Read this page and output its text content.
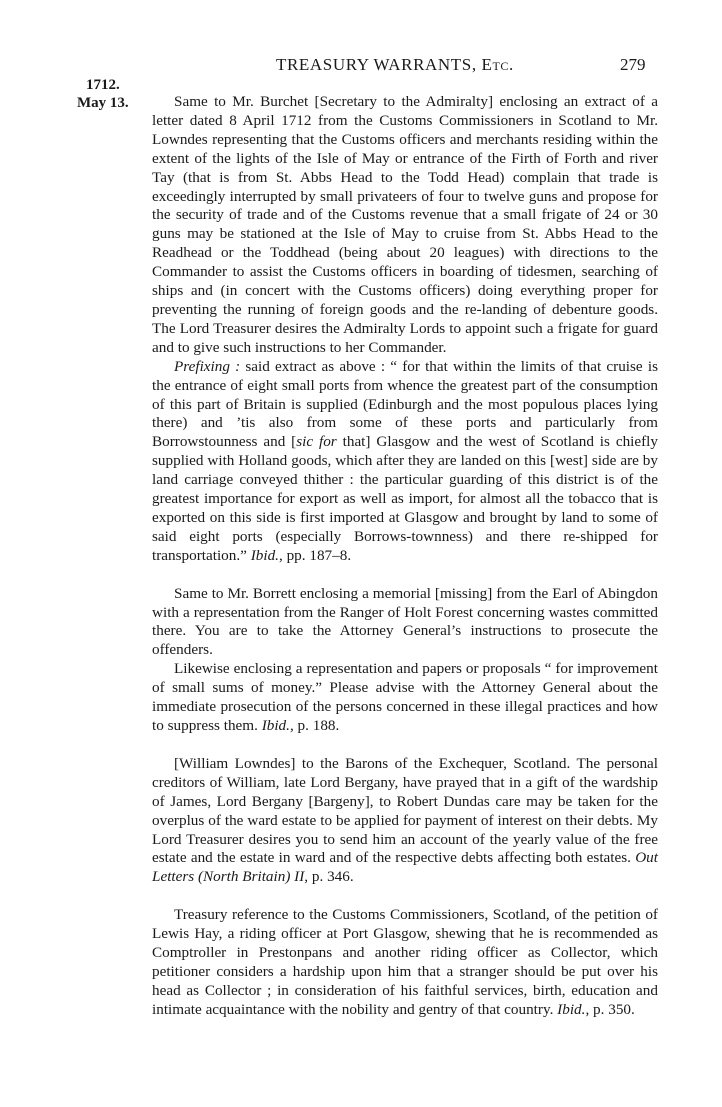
TREASURY WARRANTS, Etc.	279
1712.
May 13.	Same to Mr. Burchet [Secretary to the Admiralty] enclosing an extract of a letter dated 8 April 1712 from the Customs Commissioners in Scotland to Mr. Lowndes representing that the Customs officers and merchants residing within the extent of the lights of the Isle of May or entrance of the Firth of Forth and river Tay (that is from St. Abbs Head to the Todd Head) complain that trade is exceedingly interrupted by small privateers of four to twelve guns and propose for the security of trade and of the Customs revenue that a small frigate of 24 or 30 guns may be stationed at the Isle of May to cruise from St. Abbs Head to the Readhead or the Toddhead (being about 20 leagues) with directions to the Commander to assist the Customs officers in boarding of tidesmen, searching of ships and (in concert with the Customs officers) doing everything proper for preventing the running of foreign goods and the re-landing of debenture goods. The Lord Treasurer desires the Admiralty Lords to appoint such a frigate for guard and to give such instructions to her Commander.

Prefixing : said extract as above : “ for that within the limits of that cruise is the entrance of eight small ports from whence the greatest part of the consumption of this part of Britain is supplied (Edinburgh and the most populous places lying there) and ’tis also from some of these ports and particularly from Borrowstounness and [sic for that] Glasgow and the west of Scotland is chiefly supplied with Holland goods, which after they are landed on this [west] side are by land carriage conveyed thither : the particular guarding of this district is of the greatest importance for export as well as import, for almost all the tobacco that is exported on this side is first imported at Glasgow and brought by land to some of said eight ports (especially Borrows-townness) and there re-shipped for transportation.” Ibid., pp. 187–8.

Same to Mr. Borrett enclosing a memorial [missing] from the Earl of Abingdon with a representation from the Ranger of Holt Forest concerning wastes committed there. You are to take the Attorney General’s instructions to prosecute the offenders.

Likewise enclosing a representation and papers or proposals “ for improvement of small sums of money.” Please advise with the Attorney General about the immediate prosecution of the persons concerned in these illegal practices and how to suppress them. Ibid., p. 188.

[William Lowndes] to the Barons of the Exchequer, Scotland. The personal creditors of William, late Lord Bergany, have prayed that in a gift of the wardship of James, Lord Bergany [Bargeny], to Robert Dundas care may be taken for the overplus of the ward estate to be applied for payment of interest on their debts. My Lord Treasurer desires you to send him an account of the yearly value of the free estate and the estate in ward and of the respective debts affecting both estates. Out Letters (North Britain) II, p. 346.

Treasury reference to the Customs Commissioners, Scotland, of the petition of Lewis Hay, a riding officer at Port Glasgow, shewing that he is recommended as Comptroller in Prestonpans and another riding officer as Collector, which petitioner considers a hardship upon him that a stranger should be put over his head as Collector ; in consideration of his faithful services, birth, education and intimate acquaintance with the nobility and gentry of that country. Ibid., p. 350.
